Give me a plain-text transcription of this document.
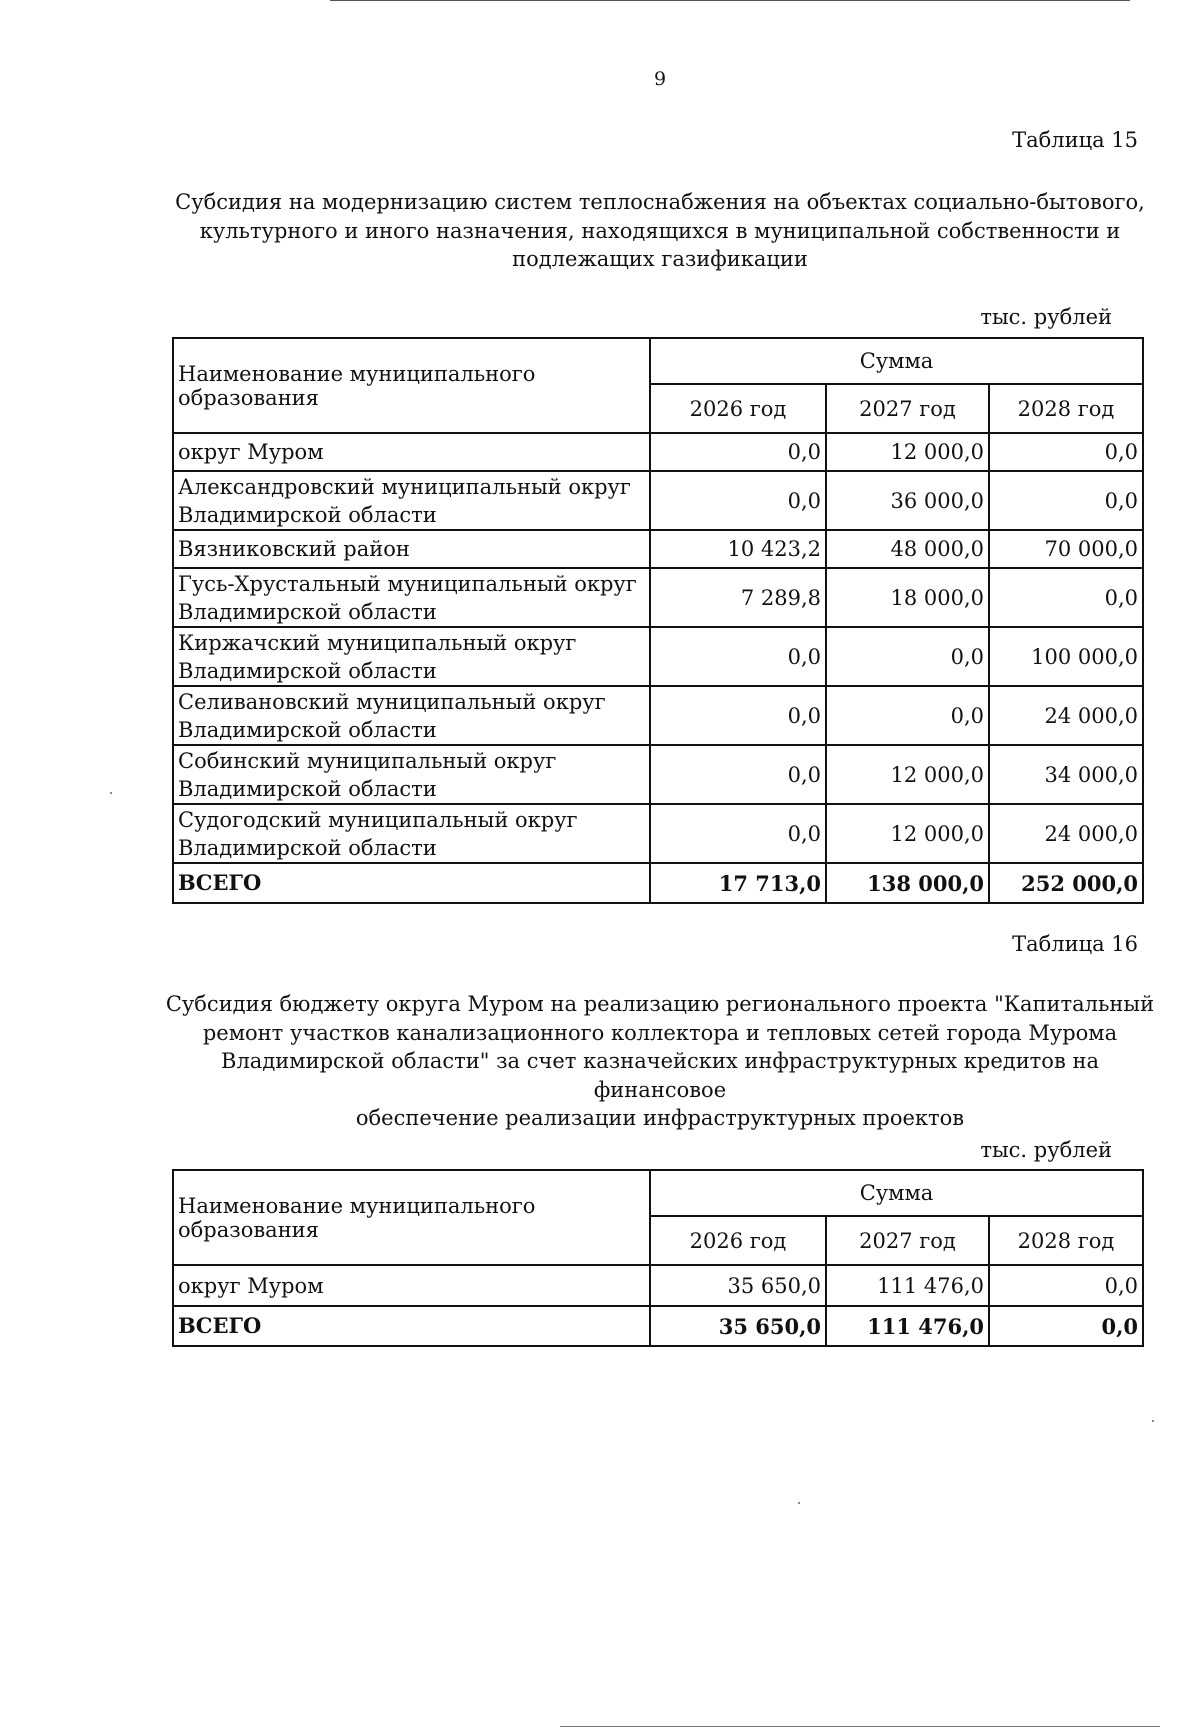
9
Таблица 15
Субсидия на модернизацию систем теплоснабжения на объектах социально-бытового,
культурного и иного назначения, находящихся в муниципальной собственности и
подлежащих газификации
тыс. рублей
Наименование муниципального образования	Сумма		
	2026 год	2027 год	2028 год

округ Муром	0,0	12 000,0	0,0

Александровский муниципальный округ
Владимирской области	0,0	36 000,0	0,0

Вязниковский район	10 423,2	48 000,0	70 000,0

Гусь-Хрустальный муниципальный округ
Владимирской области	7 289,8	18 000,0	0,0

Киржачский муниципальный округ
Владимирской области	0,0	0,0	100 000,0

Селивановский муниципальный округ
Владимирской области	0,0	0,0	24 000,0

Собинский муниципальный округ
Владимирской области	0,0	12 000,0	34 000,0

Судогодский муниципальный округ
Владимирской области	0,0	12 000,0	24 000,0
ВСЕГО	17 713,0	138 000,0	252 000,0
Таблица 16
Субсидия бюджету округа Муром на реализацию регионального проекта "Капитальный
ремонт участков канализационного коллектора и тепловых сетей города Мурома
Владимирской области" за счет казначейских инфраструктурных кредитов на финансовое
обеспечение реализации инфраструктурных проектов
тыс. рублей
Наименование муниципального образования	Сумма		
	2026 год	2027 год	2028 год

округ Муром	35 650,0	111 476,0	0,0
ВСЕГО	35 650,0	111 476,0	0,0
